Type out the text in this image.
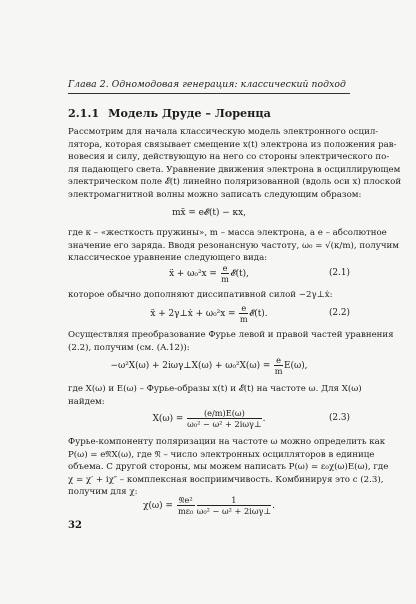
Глава 2. Одномодовая генерация: классический подход
2.1.1 Модель Друде – Лоренца
Рассмотрим для начала классическую модель электронного осцил-
лятора, которая связывает смещение x(t) электрона из положения рав-
новесия и силу, действующую на него со стороны электрического по-
ля падающего света. Уравнение движения электрона в осциллирующем
электрическом поле 𝓔(t) линейно поляризованной (вдоль оси x) плоской
электромагнитной волны можно записать следующим образом:
mẍ = e𝓔(t) − κx,
где κ – «жесткость пружины», m – масса электрона, а e – абсолютное
значение его заряда. Вводя резонансную частоту, ω₀ = √(κ/m), получим
классическое уравнение следующего вида:
ẍ + $\omega_0^2x = \frac{e}{m}$ 𝓔(t),	(2.1)
которое обычно дополняют диссипативной силой −2γ⊥ẋ:
ẍ + 2γ⊥ẋ + $\omega_0^2x = \frac{e}{m}$ 𝓔(t).	(2.2)
Осуществляя преобразование Фурье левой и правой частей уравнения
(2.2), получим (см. (A.12)):
−ω²X(ω) + 2iωγ⊥X(ω) + $\omega_0^2X(\omega) = \frac{e}{m} E(\omega)$,
где X(ω) и E(ω) – Фурье-образы x(t) и 𝓔(t) на частоте ω. Для X(ω)
найдем:
$X(\omega) = \frac{(e/m)E(\omega)}{\text{ω₀² − ω² + 2iωγ⊥}}$ .	(2.3)
Фурье-компоненту поляризации на частоте ω можно определить как
P(ω) = e𝔑X(ω), где 𝔑 – число электронных осцилляторов в единице
объема. С другой стороны, мы можем написать P(ω) = ε₀χ(ω)E(ω), где
χ = χ′ + iχ″ – комплексная восприимчивость. Комбинируя это с (2.3),
получим для χ:
$\chi(\omega) = \frac{\text{𝔑e²}}{\text{mε₀}} \frac{1}{\text{ω₀² − ω² + 2iωγ⊥}}$ .
32
